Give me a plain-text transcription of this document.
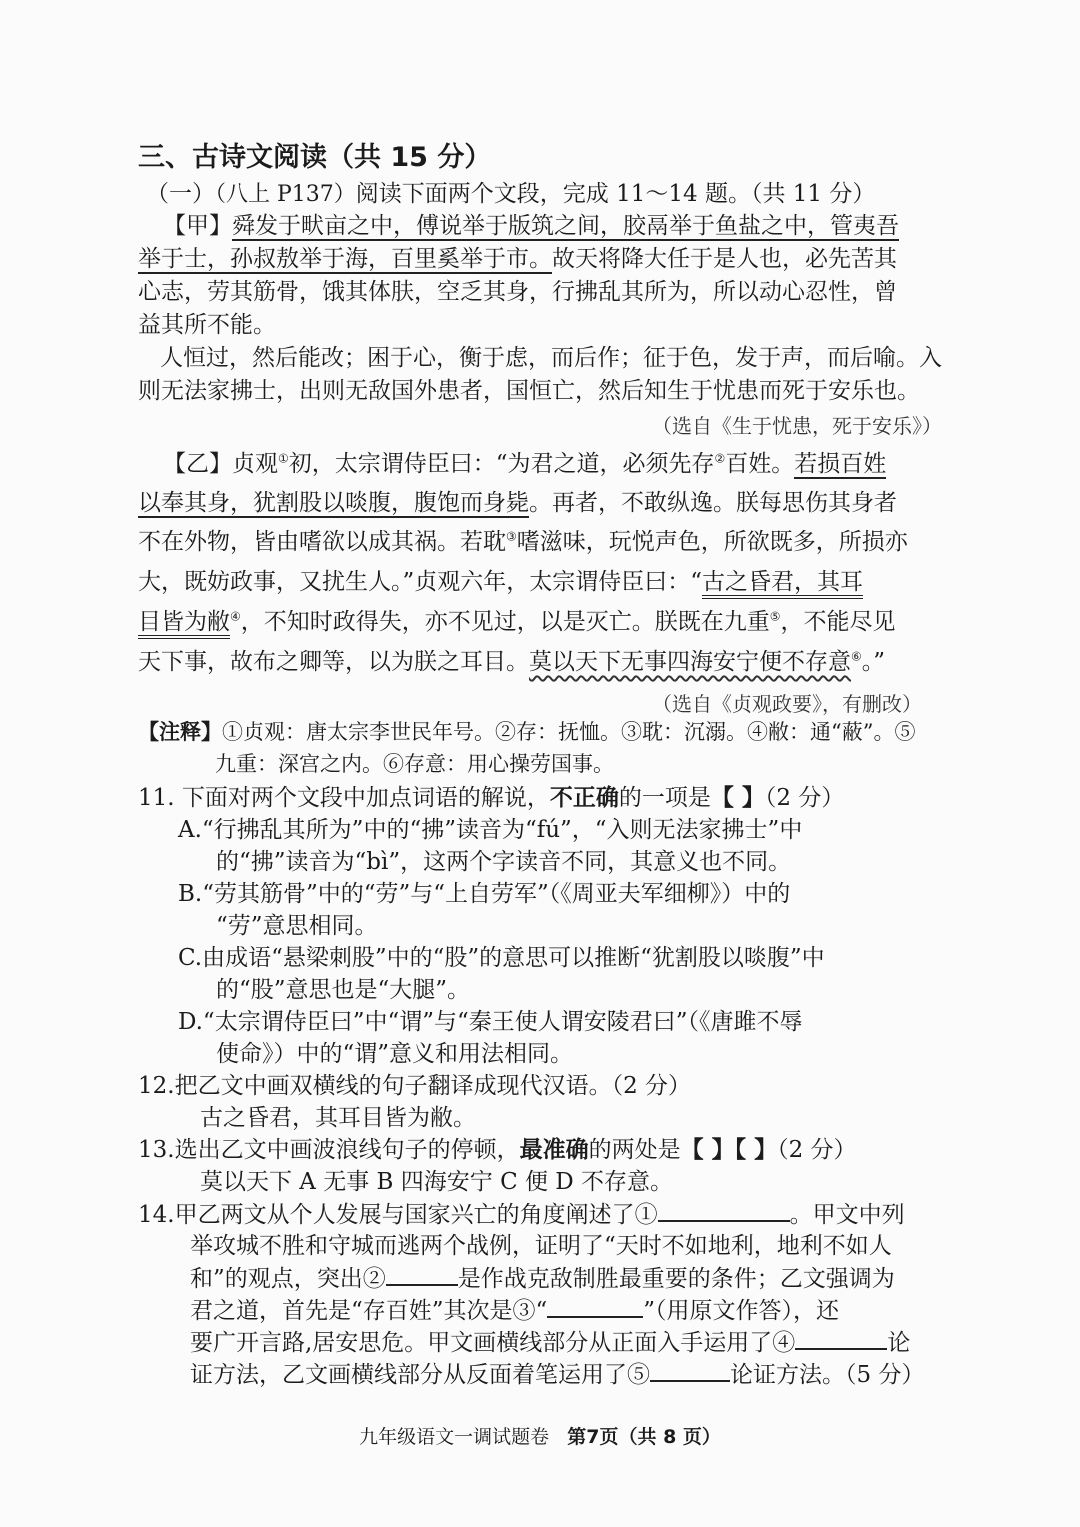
三、古诗文阅读（共 15 分）
（一）（八上 P137）阅读下面两个文段，完成 11～14 题。（共 11 分）
【甲】舜发于畎亩之中，傅说举于版筑之间，胶鬲举于鱼盐之中，管夷吾
举于士，孙叔敖举于海，百里奚举于市。故天将降大任于是人也，必先苦其
心志，劳其筋骨，饿其体肤，空乏其身，行拂乱其所为，所以动心忍性，曾
益其所不能。
人恒过，然后能改；困于心，衡于虑，而后作；征于色，发于声，而后喻。入
则无法家拂士，出则无敌国外患者，国恒亡，然后知生于忧患而死于安乐也。
（选自《生于忧患，死于安乐》）
【乙】贞观①初，太宗谓侍臣曰：“为君之道，必须先存②百姓。若损百姓
以奉其身，犹割股以啖腹，腹饱而身毙。再者，不敢纵逸。朕每思伤其身者
不在外物，皆由嗜欲以成其祸。若耽③嗜滋味，玩悦声色，所欲既多，所损亦
大，既妨政事，又扰生人。”贞观六年，太宗谓侍臣曰：“古之昏君，其耳
目皆为敝④，不知时政得失，亦不见过，以是灭亡。朕既在九重⑤，不能尽见
天下事，故布之卿等，以为朕之耳目。莫以天下无事四海安宁便不存意⑥。”
（选自《贞观政要》，有删改）
【注释】①贞观：唐太宗李世民年号。②存：抚恤。③耽：沉溺。④敝：通“蔽”。⑤
九重：深宫之内。⑥存意：用心操劳国事。
11. 下面对两个文段中加点词语的解说，不正确的一项是【 】（2 分）
A.“行拂乱其所为”中的“拂”读音为“fú”，“入则无法家拂士”中
的“拂”读音为“bì”，这两个字读音不同，其意义也不同。
B.“劳其筋骨”中的“劳”与“上自劳军”（《周亚夫军细柳》）中的
“劳”意思相同。
C.由成语“悬梁刺股”中的“股”的意思可以推断“犹割股以啖腹”中
的“股”意思也是“大腿”。
D.“太宗谓侍臣曰”中“谓”与“秦王使人谓安陵君曰”（《唐雎不辱
使命》）中的“谓”意义和用法相同。
12.把乙文中画双横线的句子翻译成现代汉语。（2 分）
古之昏君，其耳目皆为敝。
13.选出乙文中画波浪线句子的停顿，最准确的两处是【 】【 】（2 分）
莫以天下 A 无事 B 四海安宁 C 便 D 不存意。
14.甲乙两文从个人发展与国家兴亡的角度阐述了①	。甲文中列
举攻城不胜和守城而逃两个战例，证明了“天时不如地利，地利不如人
和”的观点，突出②	是作战克敌制胜最重要的条件；乙文强调为
君之道，首先是“存百姓”其次是③“	”（用原文作答），还
要广开言路,居安思危。甲文画横线部分从正面入手运用了④	论
证方法，乙文画横线部分从反面着笔运用了⑤	论证方法。（5 分）
九年级语文一调试题卷 第7页（共 8 页）
